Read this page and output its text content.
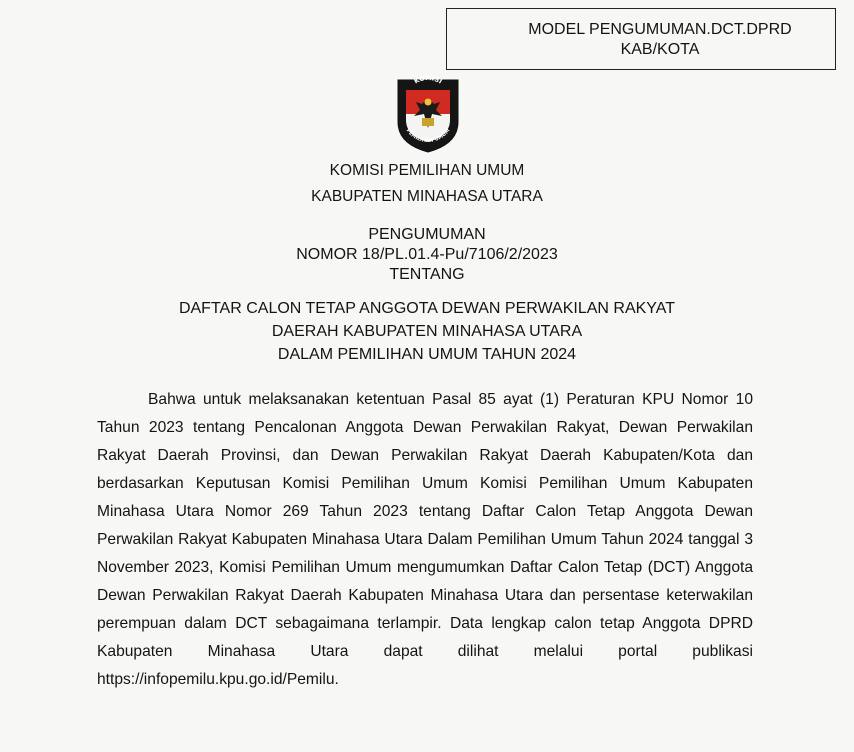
MODEL PENGUMUMAN.DCT.DPRD
KAB/KOTA
KOMISI
PEMILIHAN UMUM
KOMISI PEMILIHAN UMUM
KABUPATEN MINAHASA UTARA
PENGUMUMAN
NOMOR 18/PL.01.4-Pu/7106/2/2023
TENTANG
DAFTAR CALON TETAP ANGGOTA DEWAN PERWAKILAN RAKYAT
DAERAH KABUPATEN MINAHASA UTARA
DALAM PEMILIHAN UMUM TAHUN 2024
Bahwa untuk melaksanakan ketentuan Pasal 85 ayat (1) Peraturan KPU Nomor 10 Tahun 2023 tentang Pencalonan Anggota Dewan Perwakilan Rakyat, Dewan Perwakilan Rakyat Daerah Provinsi, dan Dewan Perwakilan Rakyat Daerah Kabupaten/Kota dan berdasarkan Keputusan Komisi Pemilihan Umum Komisi Pemilihan Umum Kabupaten Minahasa Utara Nomor 269 Tahun 2023 tentang Daftar Calon Tetap Anggota Dewan Perwakilan Rakyat Kabupaten Minahasa Utara Dalam Pemilihan Umum Tahun 2024 tanggal 3 November 2023, Komisi Pemilihan Umum mengumumkan Daftar Calon Tetap (DCT) Anggota Dewan Perwakilan Rakyat Daerah Kabupaten Minahasa Utara dan persentase keterwakilan perempuan dalam DCT sebagaimana terlampir. Data lengkap calon tetap Anggota DPRD Kabupaten Minahasa Utara dapat dilihat melalui portal publikasi https://infopemilu.kpu.go.id/Pemilu.
